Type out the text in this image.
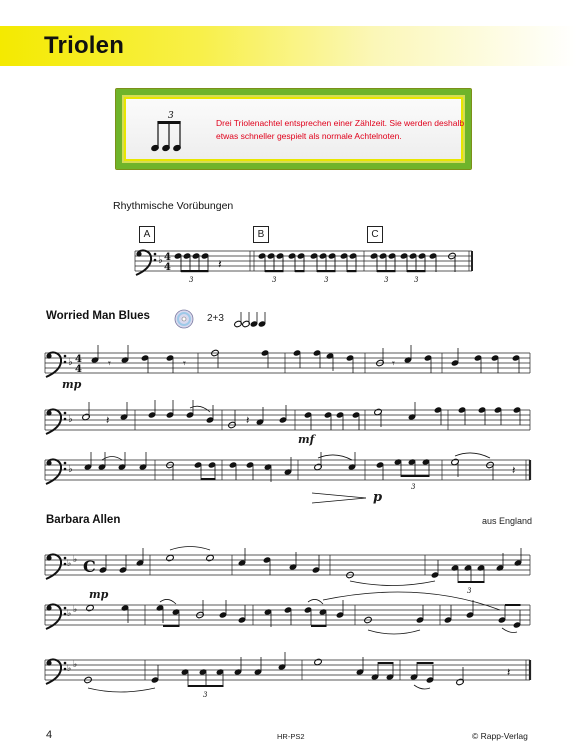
Triolen
3
Drei Triolenachtel entsprechen einer Zählzeit. Sie werden deshalb etwas schneller gespielt als normale Achtelnoten.
Rhythmische Vorübungen
A	B	C
♭ 4
4
3
𝄽
3	3	3	3
♭ 4
4 𝄾	𝄾	𝄾
♭	𝄽	𝄽
♭
3
𝄽
♭ ♭ C
3
♭ ♭
♭ ♭
3
𝄽
Worried Man Blues	2+3
mp
mf
p
Barbara Allen	aus England
mp
4	HR-PS2	© Rapp-Verlag
